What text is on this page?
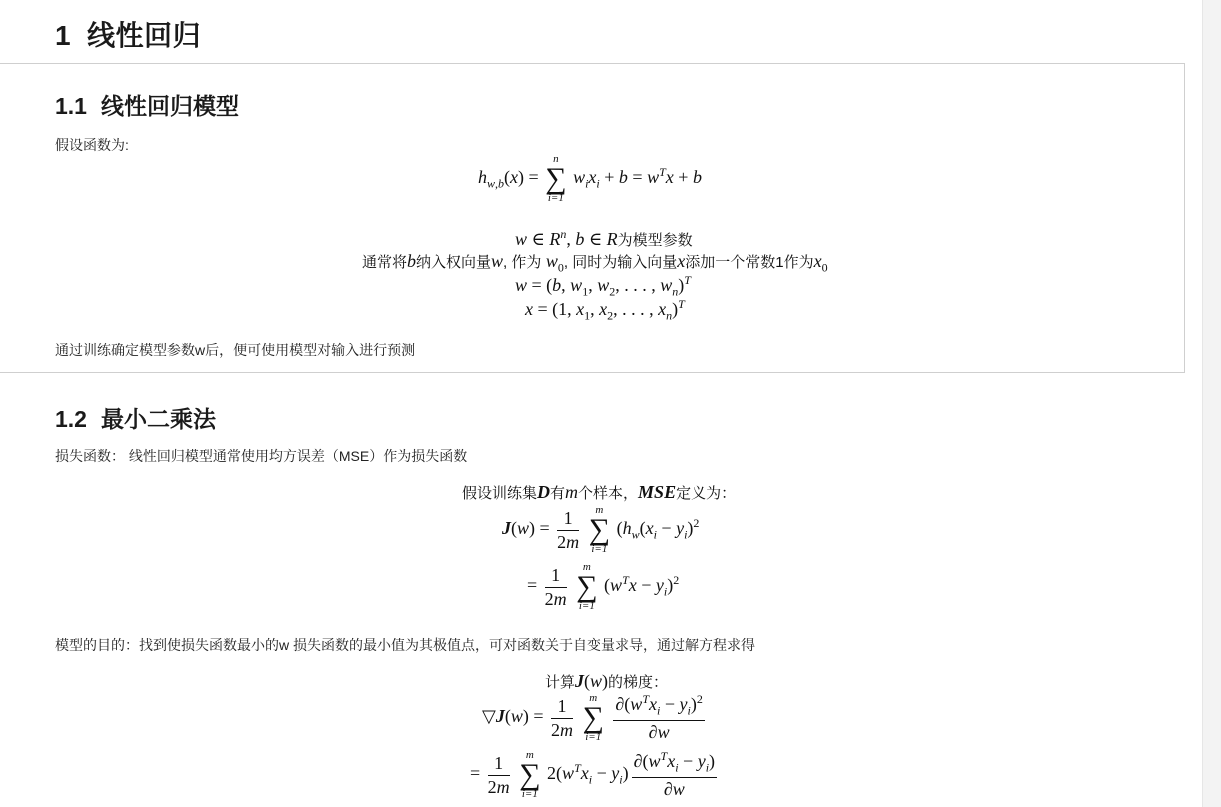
1 线性回归
1.1 线性回归模型

假设函数为:

$h_{w,b}(x)$ =
n
∑
i=1
$w_ix_i + b = w^Tx + b$
w ∈ $R^n$, b ∈ R为模型参数
通常将b纳入权向量w, 作为 $w_0$, 同时为输入向量x添加一个常数1作为$x_0$
w = (b, $w_1$, $w_2$, . . . , $w_n)^T$
x = (1, $x_1$, $x_2$, . . . , $x_n)^T$

通过训练确定模型参数w后，便可使用模型对输入进行预测

1.2 最小二乘法

损失函数： 线性回归模型通常使用均方误差（MSE）作为损失函数

假设训练集D有m个样本，MSE定义为：
$J(w) = \frac{1}{2m}$
	m
∑
i=1
($h_w(x_i - y_i)^2$
= $\frac{1}{2m}$
	m
∑
i=1
$(w^Tx - y_i)^2$

模型的目的：找到使损失函数最小的w 损失函数的最小值为其极值点，可对函数关于自变量求导，通过解方程求得

计算J(w)的梯度：
▽J(w) = $\frac{1}{2m}$
	m
∑
i=1
$\frac{\partial(w^Tx_i - y_i)^2}{\partial w}$
= $\frac{1}{2m}$
	m
∑
i=1
$2(w^Tx_i - y_i) \frac{\partial(w^Tx_i - y_i)}{\partial w}$
